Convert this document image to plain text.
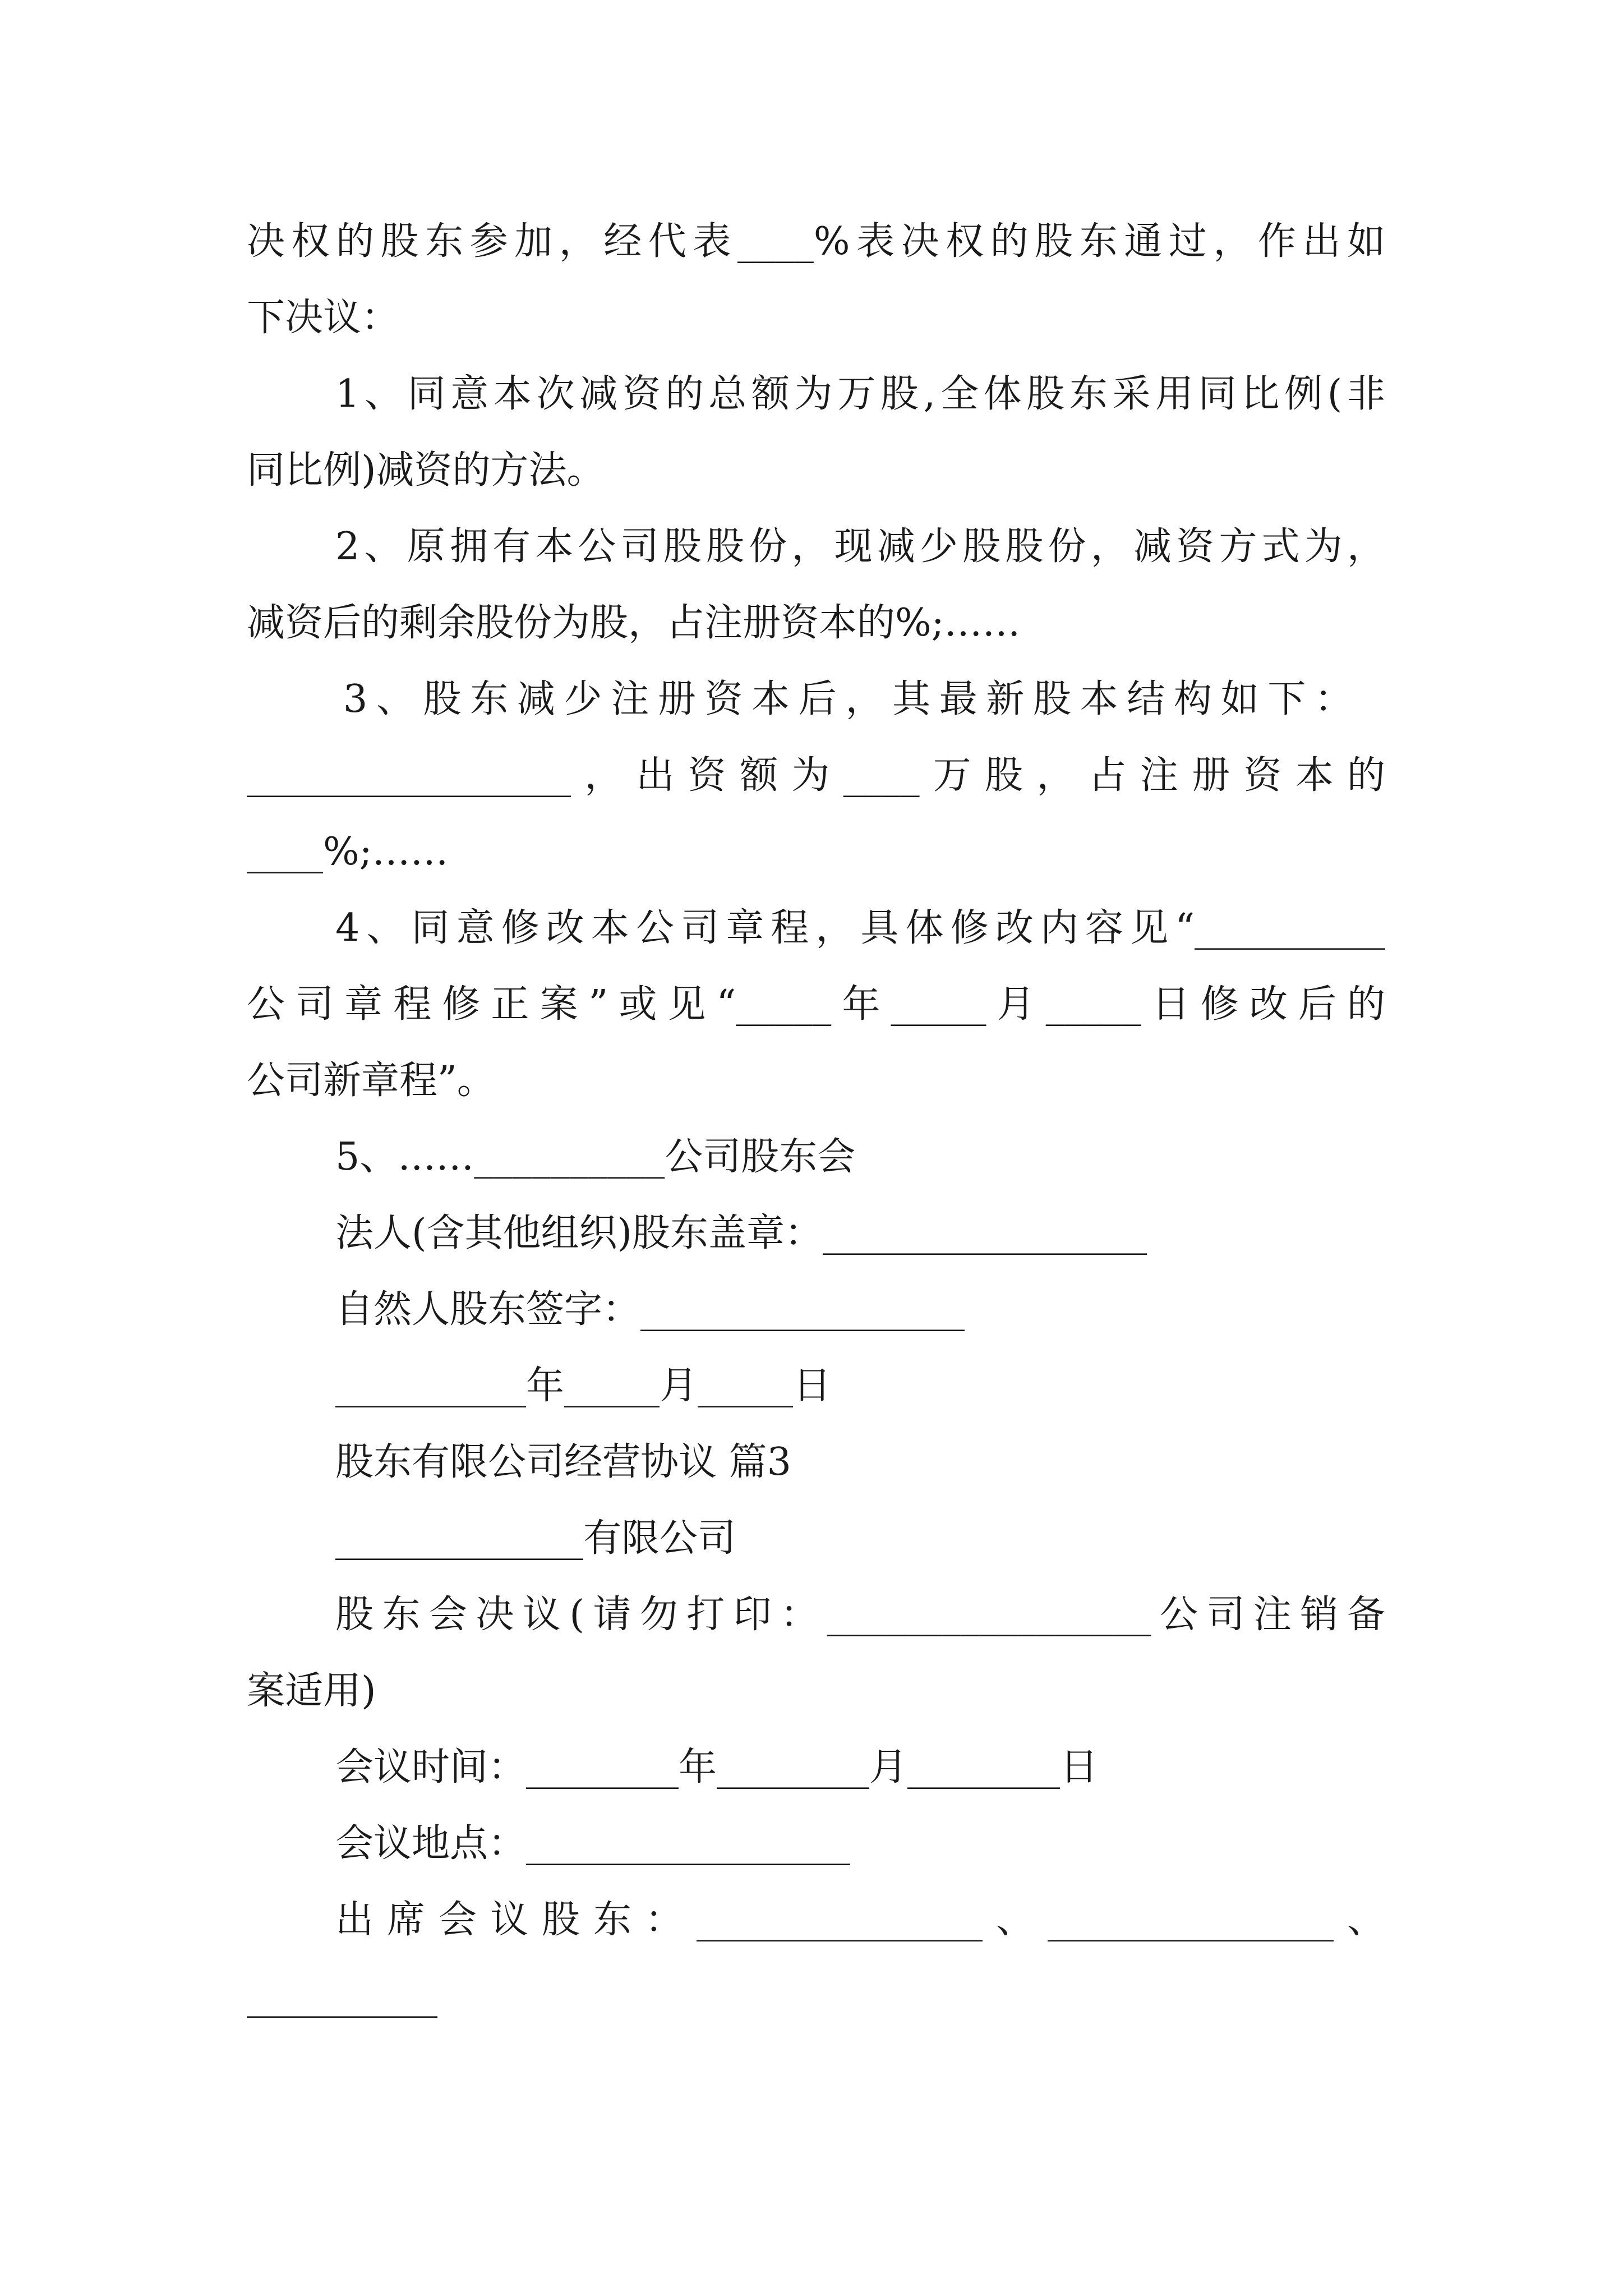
决权的股东参加，经代表____%表决权的股东通过，作出如
下决议：
1、同意本次减资的总额为万股,全体股东采用同比例(非
同比例)减资的方法。
2、原拥有本公司股股份，现减少股股份，减资方式为，
减资后的剩余股份为股，占注册资本的%;……
3、股东减少注册资本后，其最新股本结构如下：
_________________，出资额为____万股，占注册资本的
____%;……
4、同意修改本公司章程，具体修改内容见“__________
公司章程修正案”或见“_____年_____月_____日修改后的
公司新章程”。
5、……__________公司股东会
法人(含其他组织)股东盖章：_________________
自然人股东签字：_________________
__________年_____月_____日
股东有限公司经营协议 篇3
_____________有限公司
股东会决议(请勿打印：_________________公司注销备
案适用)
会议时间：________年________月________日
会议地点：_________________
出席会议股东：_______________、_______________、
__________
